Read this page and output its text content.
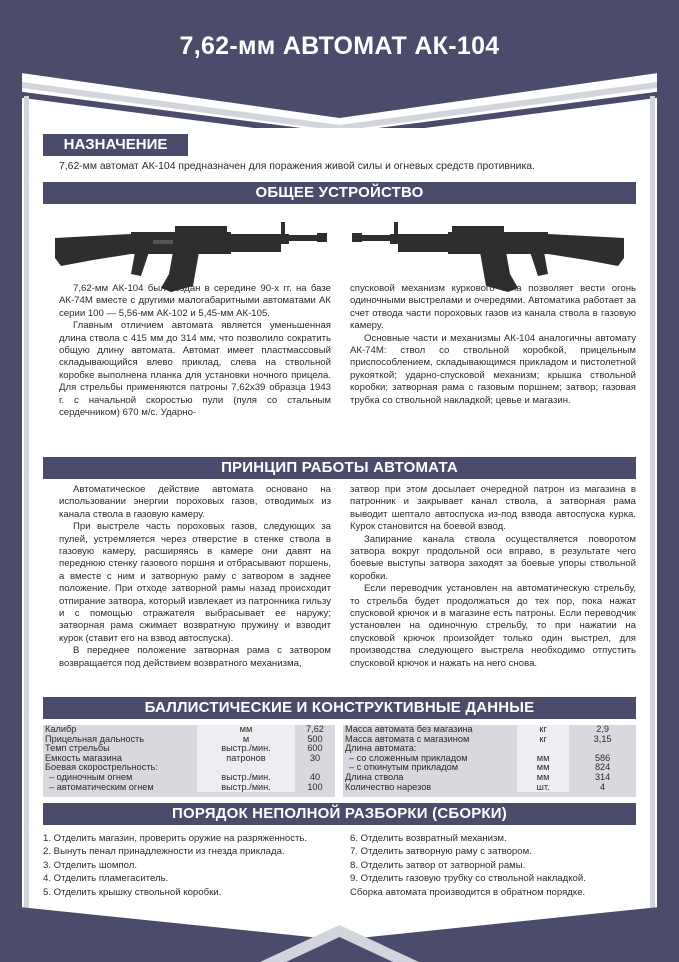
7,62-мм АВТОМАТ АК-104
НАЗНАЧЕНИЕ
7,62-мм автомат АК-104 предназначен для поражения живой силы и огневых средств противника.
ОБЩЕЕ УСТРОЙСТВО

7,62-мм АК-104 был создан в середине 90-х гг. на базе АК-74М вместе с другими малогабаритными автоматами АК серии 100 — 5,56-мм АК-102 и 5,45-мм АК-105.

Главным отличием автомата является уменьшенная длина ствола с 415 мм до 314 мм, что позволило сократить общую длину автомата. Автомат имеет пластмассовый складывающийся влево приклад, слева на ствольной коробке выполнена планка для установки ночного прицела. Для стрельбы применяются патроны 7,62х39 образца 1943 г. с начальной скоростью пули (пуля со стальным сердечником) 670 м/с. Ударно-

спусковой механизм куркового типа позволяет вести огонь одиночными выстрелами и очередями. Автоматика работает за счет отвода части пороховых газов из канала ствола в газовую камеру.

Основные части и механизмы АК-104 аналогичны автомату АК-74М: ствол со ствольной коробкой, прицельным приспособлением, складывающимся прикладом и пистолетной рукояткой; ударно-спусковой механизм; крышка ствольной коробки; затворная рама с газовым поршнем; затвор; газовая трубка со ствольной накладкой; цевье и магазин.

ПРИНЦИП РАБОТЫ АВТОМАТА

Автоматическое действие автомата основано на использовании энергии пороховых газов, отводимых из канала ствола в газовую камеру.

При выстреле часть пороховых газов, следующих за пулей, устремляется через отверстие в стенке ствола в газовую камеру, расширяясь в камере они давят на переднюю стенку газового поршня и отбрасывают поршень, а вместе с ним и затворную раму с затвором в заднее положение. При отходе затворной рамы назад происходит отпирание затвора, который извлекает из патронника гильзу и с помощью отражателя выбрасывает ее наружу; затворная рама сжимает возвратную пружину и взводит курок (ставит его на взвод автоспуска).

В переднее положение затворная рама с затвором возвращается под действием возвратного механизма,

затвор при этом досылает очередной патрон из магазина в патронник и закрывает канал ствола, а затворная рама выводит шептало автоспуска из-под взвода автоспуска курка. Курок становится на боевой взвод.

Запирание канала ствола осуществляется поворотом затвора вокруг продольной оси вправо, в результате чего боевые выступы затвора заходят за боевые упоры ствольной коробки.

Если переводчик установлен на автоматическую стрельбу, то стрельба будет продолжаться до тех пор, пока нажат спусковой крючок и в магазине есть патроны. Если переводчик установлен на одиночную стрельбу, то при нажатии на спусковой крючок произойдет только один выстрел, для производства следующего выстрела необходимо отпустить спусковой крючок и нажать на него снова.

БАЛЛИСТИЧЕСКИЕ И КОНСТРУКТИВНЫЕ ДАННЫЕ
Калибр	мм	7,62
Прицельная дальность	м	500
Темп стрельбы	выстр./мин.	600
Емкость магазина	патронов	30
Боевая скорострельность:		
– одиночным огнем	выстр./мин.	40
– автоматическим огнем	выстр./мин.	100
Масса автомата без магазина	кг	2,9
Масса автомата с магазином	кг	3,15
Длина автомата:		
– со сложенным прикладом	мм	586
– с откинутым прикладом	мм	824
Длина ствола	мм	314
Количество нарезов	шт.	4
ПОРЯДОК НЕПОЛНОЙ РАЗБОРКИ (СБОРКИ)
1. Отделить магазин, проверить оружие на разряженность.
2. Вынуть пенал принадлежности из гнезда приклада.
3. Отделить шомпол.
4. Отделить пламегаситель.
5. Отделить крышку ствольной коробки.
6. Отделить возвратный механизм.
7. Отделить затворную раму с затвором.
8. Отделить затвор от затворной рамы.
9. Отделить газовую трубку со ствольной накладкой.
Сборка автомата производится в обратном порядке.
